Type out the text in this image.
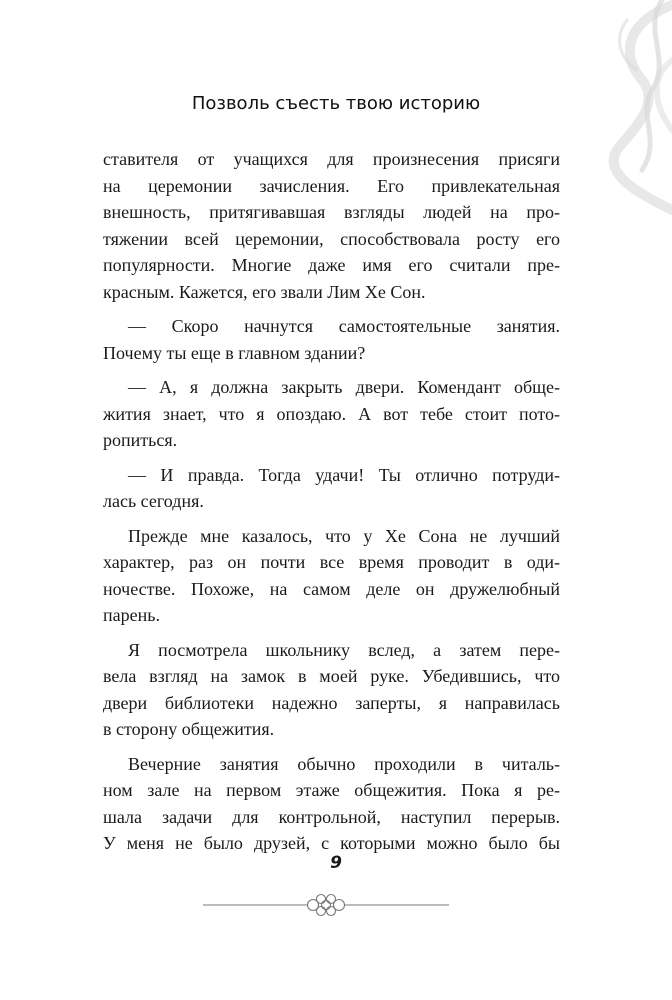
Позволь съесть твою историю
ставителя от учащихся для произнесения присяги
на церемонии зачисления. Его привлекательная
внешность, притягивавшая взгляды людей на про-
тяжении всей церемонии, способствовала росту его
популярности. Многие даже имя его считали пре-
красным. Кажется, его звали Лим Хе Сон.
— Скоро начнутся самостоятельные занятия.
Почему ты еще в главном здании?
— А, я должна закрыть двери. Комендант обще-
жития знает, что я опоздаю. А вот тебе стоит пото-
ропиться.
— И правда. Тогда удачи! Ты отлично потруди-
лась сегодня.
Прежде мне казалось, что у Хе Сона не лучший
характер, раз он почти все время проводит в оди-
ночестве. Похоже, на самом деле он дружелюбный
парень.
Я посмотрела школьнику вслед, а затем пере-
вела взгляд на замок в моей руке. Убедившись, что
двери библиотеки надежно заперты, я направилась
в сторону общежития.
Вечерние занятия обычно проходили в читаль-
ном зале на первом этаже общежития. Пока я ре-
шала задачи для контрольной, наступил перерыв.
У меня не было друзей, с которыми можно было бы
9
